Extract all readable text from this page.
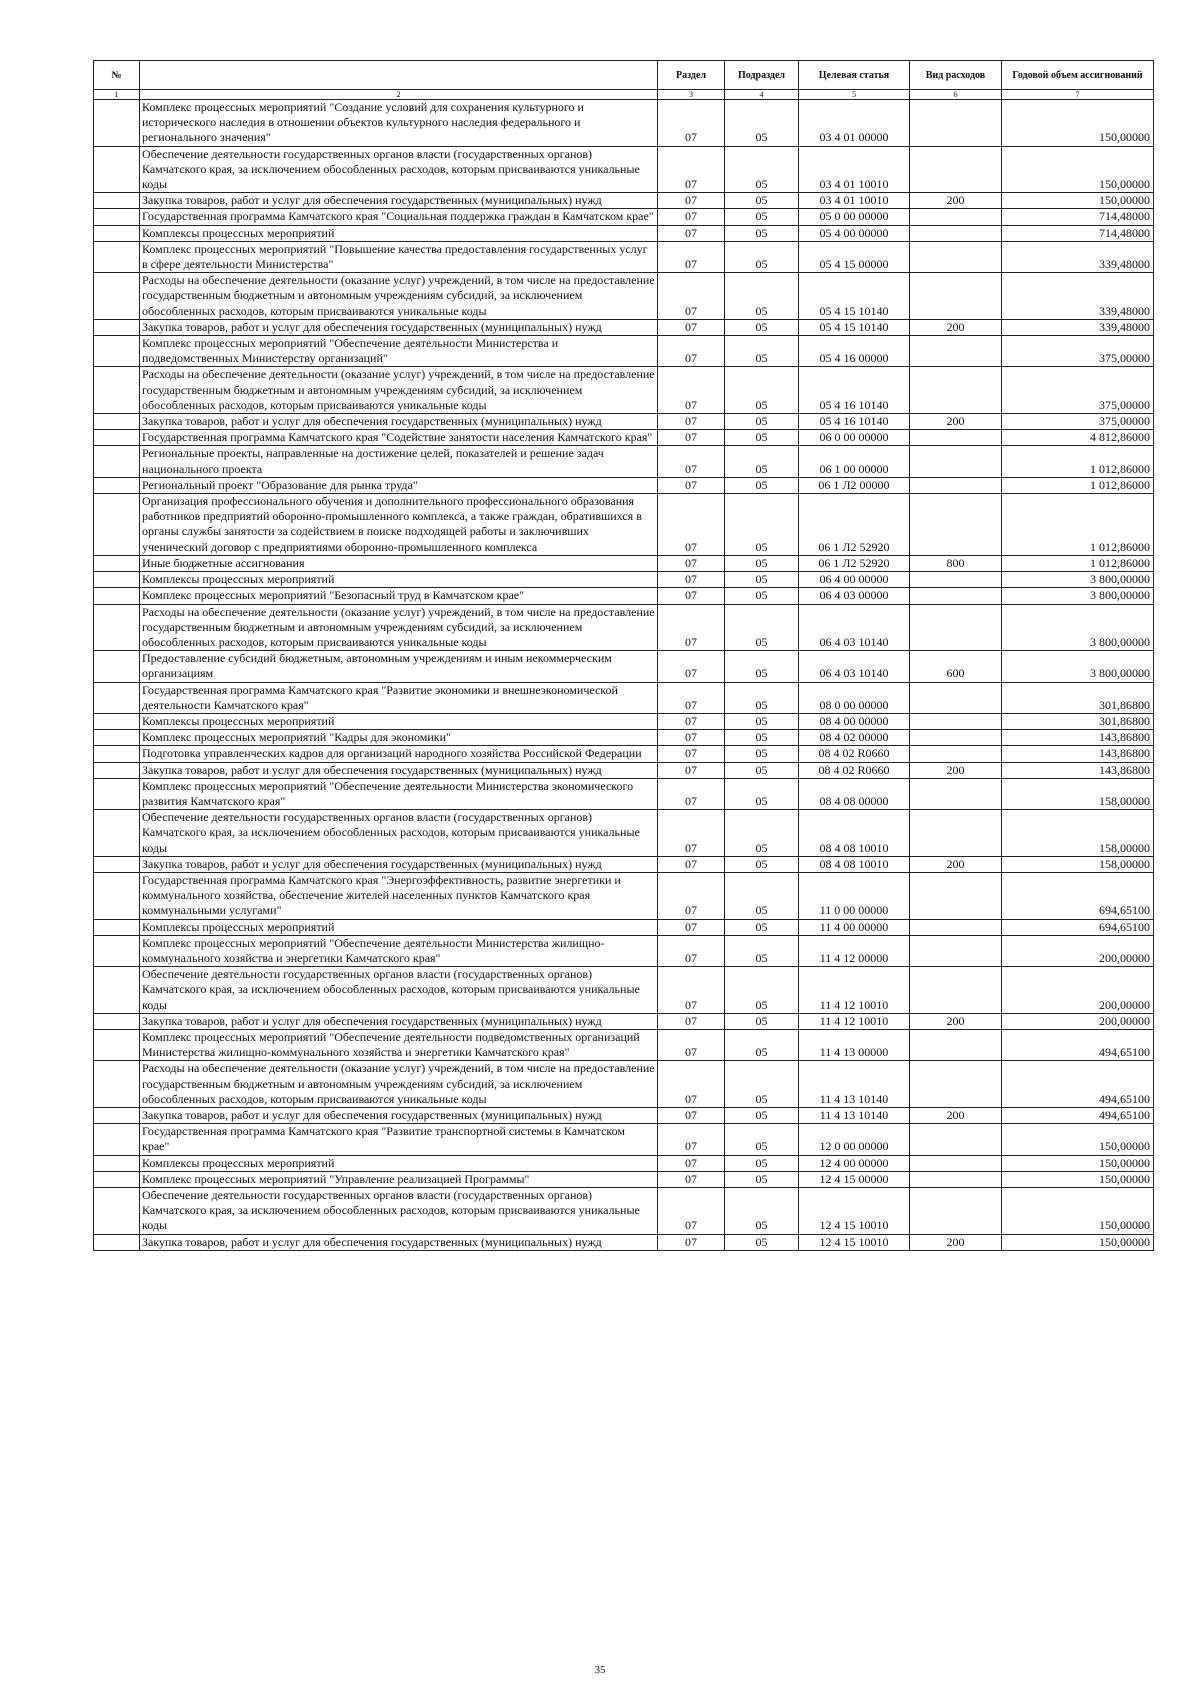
№		Раздел	Подраздел	Целевая статья	Вид расходов	Годовой объем ассигнований
1	2	3	4	5	6	7
	Комплекс процессных мероприятий "Создание условий для сохранения культурного и исторического наследия в отношении объектов культурного наследия федерального и регионального значения"	07	05	03 4 01 00000		150,00000
	Обеспечение деятельности государственных органов власти (государственных органов) Камчатского края, за исключением обособленных расходов, которым присваиваются уникальные коды	07	05	03 4 01 10010		150,00000
	Закупка товаров, работ и услуг для обеспечения государственных (муниципальных) нужд	07	05	03 4 01 10010	200	150,00000
	Государственная программа Камчатского края "Социальная поддержка граждан в Камчатском крае"	07	05	05 0 00 00000		714,48000
	Комплексы процессных мероприятий	07	05	05 4 00 00000		714,48000
	Комплекс процессных мероприятий "Повышение качества предоставления государственных услуг в сфере деятельности Министерства"	07	05	05 4 15 00000		339,48000
	Расходы на обеспечение деятельности (оказание услуг) учреждений, в том числе на предоставление государственным бюджетным и автономным учреждениям субсидий, за исключением обособленных расходов, которым присваиваются уникальные коды	07	05	05 4 15 10140		339,48000
	Закупка товаров, работ и услуг для обеспечения государственных (муниципальных) нужд	07	05	05 4 15 10140	200	339,48000
	Комплекс процессных мероприятий "Обеспечение деятельности Министерства и подведомственных Министерству организаций"	07	05	05 4 16 00000		375,00000
	Расходы на обеспечение деятельности (оказание услуг) учреждений, в том числе на предоставление государственным бюджетным и автономным учреждениям субсидий, за исключением обособленных расходов, которым присваиваются уникальные коды	07	05	05 4 16 10140		375,00000
	Закупка товаров, работ и услуг для обеспечения государственных (муниципальных) нужд	07	05	05 4 16 10140	200	375,00000
	Государственная программа Камчатского края "Содействие занятости населения Камчатского края"	07	05	06 0 00 00000		4 812,86000
	Региональные проекты, направленные на достижение целей, показателей и решение задач национального проекта	07	05	06 1 00 00000		1 012,86000
	Региональный проект "Образование для рынка труда"	07	05	06 1 Л2 00000		1 012,86000
	Организация профессионального обучения и дополнительного профессионального образования работников предприятий оборонно-промышленного комплекса, а также граждан, обратившихся в органы службы занятости за содействием в поиске подходящей работы и заключивших ученический договор с предприятиями оборонно-промышленного комплекса	07	05	06 1 Л2 52920		1 012,86000
	Иные бюджетные ассигнования	07	05	06 1 Л2 52920	800	1 012,86000
	Комплексы процессных мероприятий	07	05	06 4 00 00000		3 800,00000
	Комплекс процессных мероприятий "Безопасный труд в Камчатском крае"	07	05	06 4 03 00000		3 800,00000
	Расходы на обеспечение деятельности (оказание услуг) учреждений, в том числе на предоставление государственным бюджетным и автономным учреждениям субсидий, за исключением обособленных расходов, которым присваиваются уникальные коды	07	05	06 4 03 10140		3 800,00000
	Предоставление субсидий бюджетным, автономным учреждениям и иным некоммерческим организациям	07	05	06 4 03 10140	600	3 800,00000
	Государственная программа Камчатского края "Развитие экономики и внешнеэкономической деятельности Камчатского края"	07	05	08 0 00 00000		301,86800
	Комплексы процессных мероприятий	07	05	08 4 00 00000		301,86800
	Комплекс процессных мероприятий "Кадры для экономики"	07	05	08 4 02 00000		143,86800
	Подготовка управленческих кадров для организаций народного хозяйства Российской Федерации	07	05	08 4 02 R0660		143,86800
	Закупка товаров, работ и услуг для обеспечения государственных (муниципальных) нужд	07	05	08 4 02 R0660	200	143,86800
	Комплекс процессных мероприятий "Обеспечение деятельности Министерства экономического развития Камчатского края"	07	05	08 4 08 00000		158,00000
	Обеспечение деятельности государственных органов власти (государственных органов) Камчатского края, за исключением обособленных расходов, которым присваиваются уникальные коды	07	05	08 4 08 10010		158,00000
	Закупка товаров, работ и услуг для обеспечения государственных (муниципальных) нужд	07	05	08 4 08 10010	200	158,00000
	Государственная программа Камчатского края "Энергоэффективность, развитие энергетики и коммунального хозяйства, обеспечение жителей населенных пунктов Камчатского края коммунальными услугами"	07	05	11 0 00 00000		694,65100
	Комплексы процессных мероприятий	07	05	11 4 00 00000		694,65100
	Комплекс процессных мероприятий "Обеспечение деятельности Министерства жилищно-коммунального хозяйства и энергетики Камчатского края"	07	05	11 4 12 00000		200,00000
	Обеспечение деятельности государственных органов власти (государственных органов) Камчатского края, за исключением обособленных расходов, которым присваиваются уникальные коды	07	05	11 4 12 10010		200,00000
	Закупка товаров, работ и услуг для обеспечения государственных (муниципальных) нужд	07	05	11 4 12 10010	200	200,00000
	Комплекс процессных мероприятий "Обеспечение деятельности подведомственных организаций Министерства жилищно-коммунального хозяйства и энергетики Камчатского края"	07	05	11 4 13 00000		494,65100
	Расходы на обеспечение деятельности (оказание услуг) учреждений, в том числе на предоставление государственным бюджетным и автономным учреждениям субсидий, за исключением обособленных расходов, которым присваиваются уникальные коды	07	05	11 4 13 10140		494,65100
	Закупка товаров, работ и услуг для обеспечения государственных (муниципальных) нужд	07	05	11 4 13 10140	200	494,65100
	Государственная программа Камчатского края "Развитие транспортной системы в Камчатском крае"	07	05	12 0 00 00000		150,00000
	Комплексы процессных мероприятий	07	05	12 4 00 00000		150,00000
	Комплекс процессных мероприятий "Управление реализацией Программы"	07	05	12 4 15 00000		150,00000
	Обеспечение деятельности государственных органов власти (государственных органов) Камчатского края, за исключением обособленных расходов, которым присваиваются уникальные коды	07	05	12 4 15 10010		150,00000
	Закупка товаров, работ и услуг для обеспечения государственных (муниципальных) нужд	07	05	12 4 15 10010	200	150,00000
35
